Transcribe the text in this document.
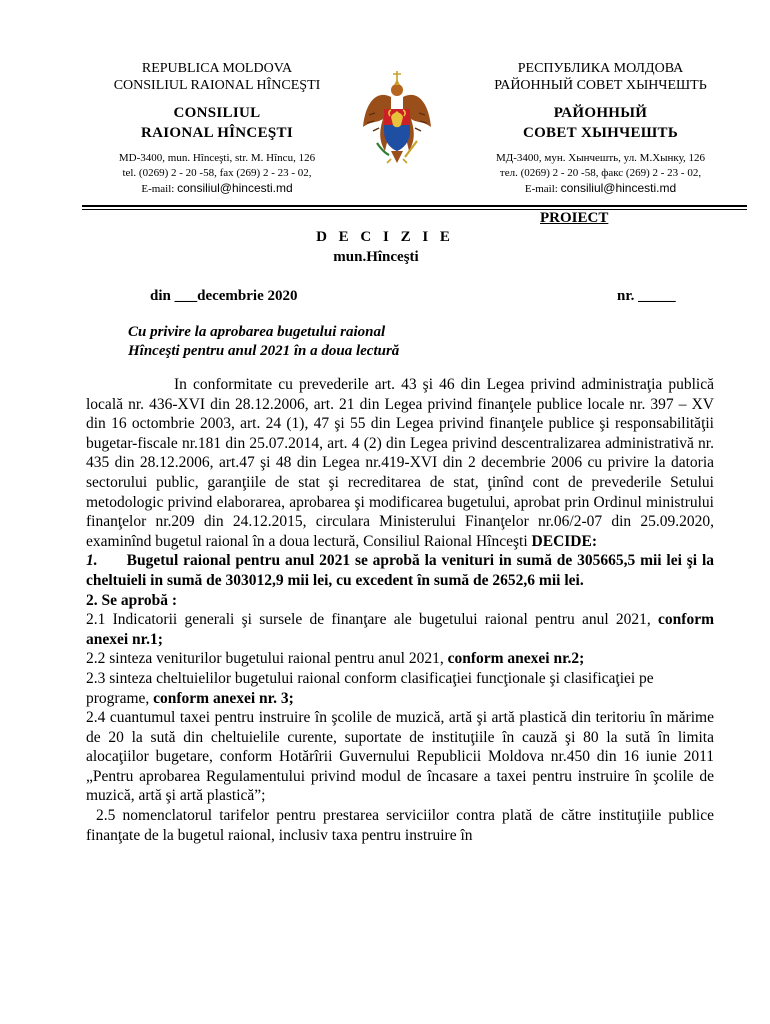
REPUBLICA MOLDOVA
CONSILIUL RAIONAL HÎNCEŞTI
CONSILIUL
RAIONAL HÎNCEŞTI
MD-3400, mun. Hînceşti, str. M. Hîncu, 126
tel. (0269) 2 - 20 -58, fax (269) 2 - 23 - 02,
E-mail: consiliul@hincesti.md
РЕСПУБЛИКА МОЛДОВА
РАЙОННЫЙ СОВЕТ ХЫНЧЕШТЬ
РАЙОННЫЙ
СОВЕТ ХЫНЧЕШТЬ
МД-3400, мун. Хынчешть, ул. М.Хынку, 126
тел. (0269) 2 - 20 -58, факс (269) 2 - 23 - 02,
E-mail: consiliul@hincesti.md
PROIECT
D E C I Z I E
mun.Hînceşti
din ___decembrie 2020	nr. _____
Cu privire la aprobarea bugetului raional
Hînceşti pentru anul 2021 în a doua lectură

In conformitate cu prevederile art. 43 şi 46 din Legea privind administraţia publică locală nr. 436-XVI din 28.12.2006, art. 21 din Legea privind finanţele publice locale nr. 397 – XV din 16 octombrie 2003, art. 24 (1), 47 şi 55 din Legea privind finanţele publice şi responsabilităţii bugetar-fiscale nr.181 din 25.07.2014, art. 4 (2) din Legea privind descentralizarea administrativă nr. 435 din 28.12.2006, art.47 şi 48 din Legea nr.419-XVI din 2 decembrie 2006 cu privire la datoria sectorului public, garanţiile de stat şi recreditarea de stat, ţinînd cont de prevederile Setului metodologic privind elaborarea, aprobarea şi modificarea bugetului, aprobat prin Ordinul ministrului finanţelor nr.209 din 24.12.2015, circulara Ministerului Finanţelor nr.06/2-07 din 25.09.2020, examinînd bugetul raional în a doua lectură, Consiliul Raional Hînceşti DECIDE:

1. Bugetul raional pentru anul 2021 se aprobă la venituri in sumă de 305665,5 mii lei şi la cheltuieli in sumă de 303012,9 mii lei, cu excedent în sumă de 2652,6 mii lei.

2. Se aprobă :

2.1 Indicatorii generali şi sursele de finanţare ale bugetului raional pentru anul 2021, conform anexei nr.1;

2.2 sinteza veniturilor bugetului raional pentru anul 2021, conform anexei nr.2;

2.3 sinteza cheltuielilor bugetului raional conform clasificaţiei funcţionale şi clasificaţiei pe programe, conform anexei nr. 3;

2.4 cuantumul taxei pentru instruire în şcolile de muzică, artă şi artă plastică din teritoriu în mărime de 20 la sută din cheltuielile curente, suportate de instituţiile în cauză şi 80 la sută în limita alocaţiilor bugetare, conform Hotărîrii Guvernului Republicii Moldova nr.450 din 16 iunie 2011 „Pentru aprobarea Regulamentului privind modul de încasare a taxei pentru instruire în şcolile de muzică, artă şi artă plastică”;

2.5 nomenclatorul tarifelor pentru prestarea serviciilor contra plată de către instituţiile publice finanţate de la bugetul raional, inclusiv taxa pentru instruire în
